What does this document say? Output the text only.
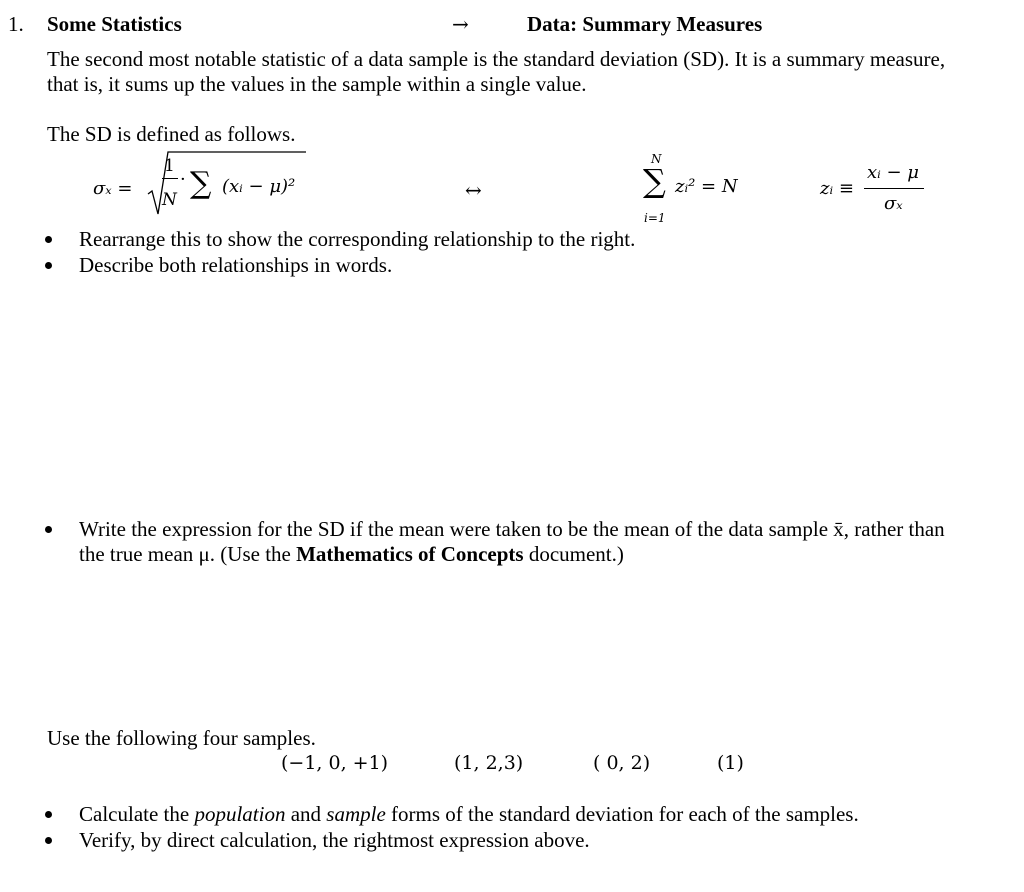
1. Some Statistics	→	Data: Summary Measures
The second most notable statistic of a data sample is the standard deviation (SD). It is a summary measure,
that is, it sums up the values in the sample within a single value.
The SD is defined as follows.
σₓ =
1
N
· ∑ (xᵢ − μ)²	↔
N
∑
i=1
zᵢ² = N	zᵢ ≡
xᵢ − μ
σₓ
Rearrange this to show the corresponding relationship to the right.
Describe both relationships in words.
Write the expression for the SD if the mean were taken to be the mean of the data sample x̄, rather than
the true mean μ. (Use the Mathematics of Concepts document.)
Use the following four samples.
(−1, 0, +1)	(1, 2,3)	( 0, 2)	(1)
Calculate the population and sample forms of the standard deviation for each of the samples.
Verify, by direct calculation, the rightmost expression above.
